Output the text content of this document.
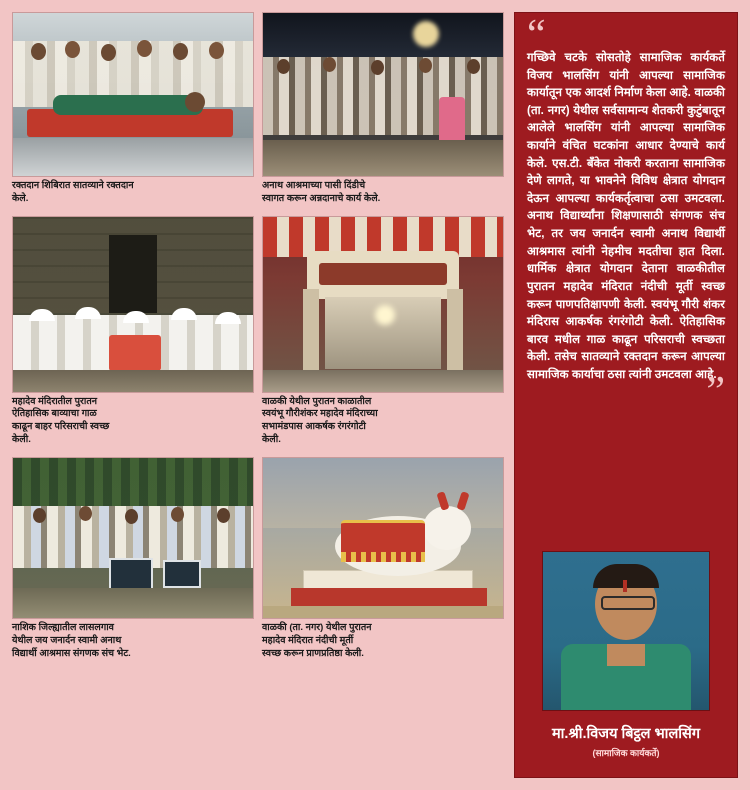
रक्तदान शिबिरात सातव्याने रक्तदान
केले.
अनाथ आश्रमाच्या पासी दिंडीचे
स्वागत करून अन्नदानाचे कार्य केले.
महादेव मंदिरातील पुरातन
ऐतिहासिक बाव्याचा गाळ
काढून बाहर परिसराची स्वच्छ
केली.
वाळकी येथील पुरातन काळातील
स्वयंभू गौरीशंकर महादेव मंदिराच्या
सभामंडपास आकर्षक रंगरंगोटी
केली.
नाशिक जिल्ह्यातील लासलगाव
येथील जय जनार्दन स्वामी अनाथ
विद्यार्थी आश्रमास संगणक संच भेट.
वाळकी (ता. नगर) येथील पुरातन
महादेव मंदिरात नंदीची मूर्ती
स्वच्छ करून प्राणप्रतिष्ठा केली.
“
गच्छिवे चटके सोसतोहे सामाजिक कार्यकर्ते विजय भालसिंग यांनी आपल्या सामाजिक कार्यातून एक आदर्श निर्माण केला आहे. वाळकी (ता. नगर) येथील सर्वसामान्य शेतकरी कुटुंबातून आलेले भालसिंग यांनी आपल्या सामाजिक कार्याने वंचित घटकांना आधार देण्याचे कार्य केले. एस.टी. बँकेत नोकरी करताना सामाजिक देणे लागते, या भावनेने विविध क्षेत्रात योगदान देऊन आपल्या कार्यकर्तृत्वाचा ठसा उमटवला. अनाथ विद्यार्थ्यांना शिक्षणासाठी संगणक संच भेट, तर जय जनार्दन स्वामी अनाथ विद्यार्थी आश्रमास त्यांनी नेहमीच मदतीचा हात दिला. धार्मिक क्षेत्रात योगदान देताना वाळकीतील पुरातन महादेव मंदिरात नंदीची मूर्ती स्वच्छ करून पाणपतिक्षापणी केली. स्वयंभू गौरी शंकर मंदिरास आकर्षक रंगरंगोटी केली. ऐतिहासिक बारव मधील गाळ काढून परिसराची स्वच्छता केली. तसेच सातव्याने रक्तदान करून आपल्या सामाजिक कार्याचा ठसा त्यांनी उमटवला आहे.
”
मा.श्री.विजय बिट्ठल भालसिंग
(सामाजिक कार्यकर्ते)
